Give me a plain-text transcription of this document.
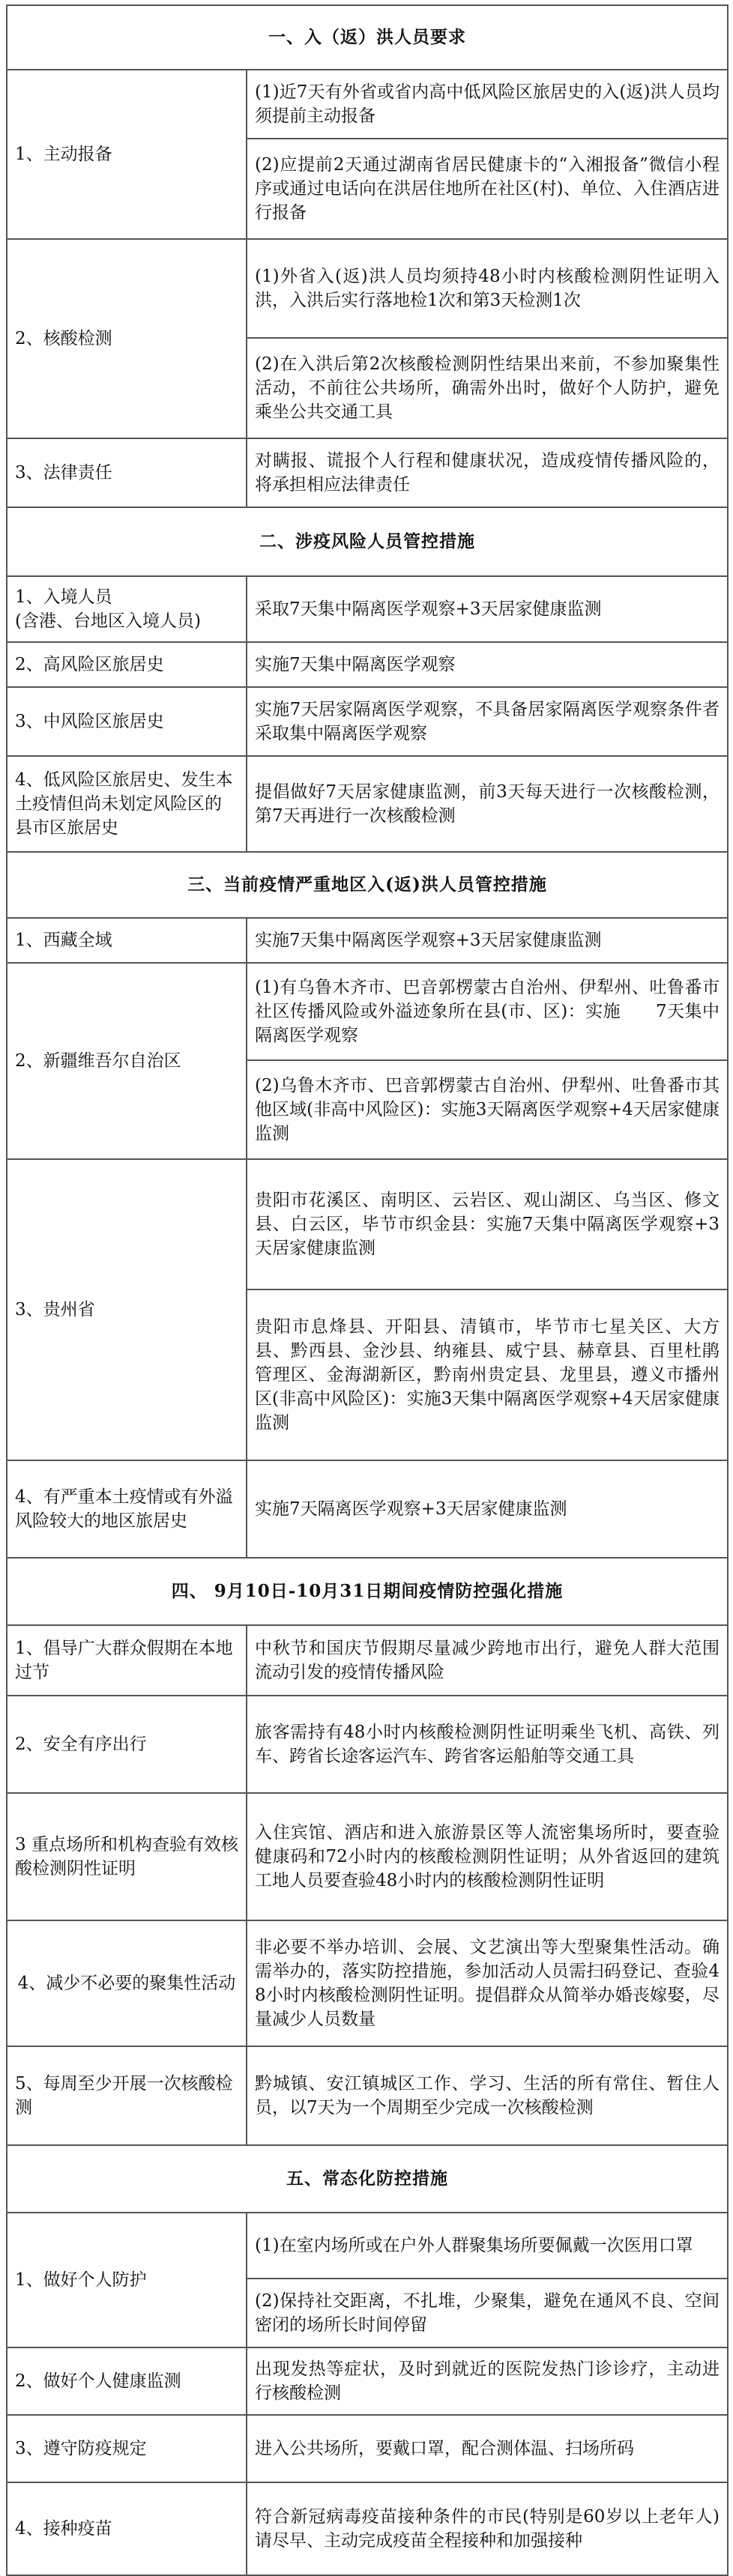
一、入（返）洪人员要求	
1、主动报备	(1)近7天有外省或省内高中低风险区旅居史的入(返)洪人员均须提前主动报备
	(2)应提前2天通过湖南省居民健康卡的“入湘报备”微信小程序或通过电话向在洪居住地所在社区(村)、单位、入住酒店进行报备
2、核酸检测	(1)外省入(返)洪人员均须持48小时内核酸检测阴性证明入洪，入洪后实行落地检1次和第3天检测1次
	(2)在入洪后第2次核酸检测阴性结果出来前，不参加聚集性活动，不前往公共场所，确需外出时，做好个人防护，避免乘坐公共交通工具
3、法律责任	对瞒报、谎报个人行程和健康状况，造成疫情传播风险的，将承担相应法律责任
二、涉疫风险人员管控措施	
1、入境人员
(含港、台地区入境人员)	采取7天集中隔离医学观察+3天居家健康监测
2、高风险区旅居史	实施7天集中隔离医学观察
3、中风险区旅居史	实施7天居家隔离医学观察，不具备居家隔离医学观察条件者采取集中隔离医学观察
4、低风险区旅居史、发生本土疫情但尚未划定风险区的县市区旅居史	提倡做好7天居家健康监测，前3天每天进行一次核酸检测，第7天再进行一次核酸检测
三、当前疫情严重地区入(返)洪人员管控措施	
1、西藏全域	实施7天集中隔离医学观察+3天居家健康监测
2、新疆维吾尔自治区	(1)有乌鲁木齐市、巴音郭楞蒙古自治州、伊犁州、吐鲁番市社区传播风险或外溢迹象所在县(市、区)：实施　　7天集中隔离医学观察
	(2)乌鲁木齐市、巴音郭楞蒙古自治州、伊犁州、吐鲁番市其他区域(非高中风险区)：实施3天隔离医学观察+4天居家健康监测
3、贵州省	贵阳市花溪区、南明区、云岩区、观山湖区、乌当区、修文县、白云区，毕节市织金县：实施7天集中隔离医学观察+3天居家健康监测
	贵阳市息烽县、开阳县、清镇市，毕节市七星关区、大方县、黔西县、金沙县、纳雍县、威宁县、赫章县、百里杜鹃管理区、金海湖新区，黔南州贵定县、龙里县，遵义市播州区(非高中风险区)：实施3天集中隔离医学观察+4天居家健康监测
4、有严重本土疫情或有外溢风险较大的地区旅居史	实施7天隔离医学观察+3天居家健康监测
四、 9月10日-10月31日期间疫情防控强化措施	
1、倡导广大群众假期在本地过节	中秋节和国庆节假期尽量减少跨地市出行，避免人群大范围流动引发的疫情传播风险
2、安全有序出行	旅客需持有48小时内核酸检测阴性证明乘坐飞机、高铁、列车、跨省长途客运汽车、跨省客运船舶等交通工具
3 重点场所和机构查验有效核酸检测阴性证明	入住宾馆、酒店和进入旅游景区等人流密集场所时，要查验健康码和72小时内的核酸检测阴性证明；从外省返回的建筑工地人员要查验48小时内的核酸检测阴性证明
4、减少不必要的聚集性活动	非必要不举办培训、会展、文艺演出等大型聚集性活动。确需举办的，落实防控措施，参加活动人员需扫码登记、查验48小时内核酸检测阴性证明。提倡群众从简举办婚丧嫁娶，尽量减少人员数量
5、每周至少开展一次核酸检测	黔城镇、安江镇城区工作、学习、生活的所有常住、暂住人员，以7天为一个周期至少完成一次核酸检测
五、常态化防控措施	
1、做好个人防护	(1)在室内场所或在户外人群聚集场所要佩戴一次医用口罩
	(2)保持社交距离，不扎堆，少聚集，避免在通风不良、空间密闭的场所长时间停留
2、做好个人健康监测	出现发热等症状，及时到就近的医院发热门诊诊疗，主动进行核酸检测
3、遵守防疫规定	进入公共场所，要戴口罩，配合测体温、扫场所码
4、接种疫苗	符合新冠病毒疫苗接种条件的市民(特别是60岁以上老年人)请尽早、主动完成疫苗全程接种和加强接种
